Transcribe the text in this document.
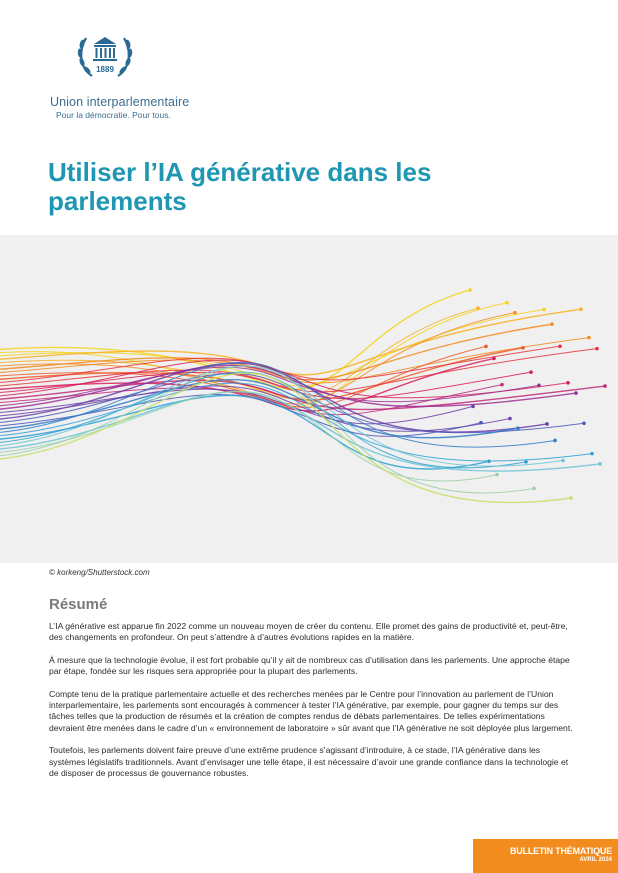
1889
Union interparlementaire
Pour la démocratie. Pour tous.
Utiliser l’IA générative dans les parlements
© korkeng/Shutterstock.com
Résumé

L’IA générative est apparue fin 2022 comme un nouveau moyen de créer du contenu. Elle promet des gains de productivité et, peut-être, des changements en profondeur. On peut s’attendre à d’autres évolutions rapides en la matière.

À mesure que la technologie évolue, il est fort probable qu’il y ait de nombreux cas d’utilisation dans les parlements. Une approche étape par étape, fondée sur les risques sera appropriée pour la plupart des parlements.

Compte tenu de la pratique parlementaire actuelle et des recherches menées par le Centre pour l’innovation au parlement de l’Union interparlementaire, les parlements sont encouragés à commencer à tester l’IA générative, par exemple, pour gagner du temps sur des tâches telles que la production de résumés et la création de comptes rendus de débats parlementaires. De telles expérimentations devraient être menées dans le cadre d’un « environnement de laboratoire » sûr avant que l’IA générative ne soit déployée plus largement.

Toutefois, les parlements doivent faire preuve d’une extrême prudence s’agissant d’introduire, à ce stade, l’IA générative dans les systèmes législatifs traditionnels. Avant d’envisager une telle étape, il est nécessaire d’avoir une grande confiance dans la technologie et de disposer de processus de gouvernance robustes.

BULLETIN THÉMATIQUE
AVRIL 2024
